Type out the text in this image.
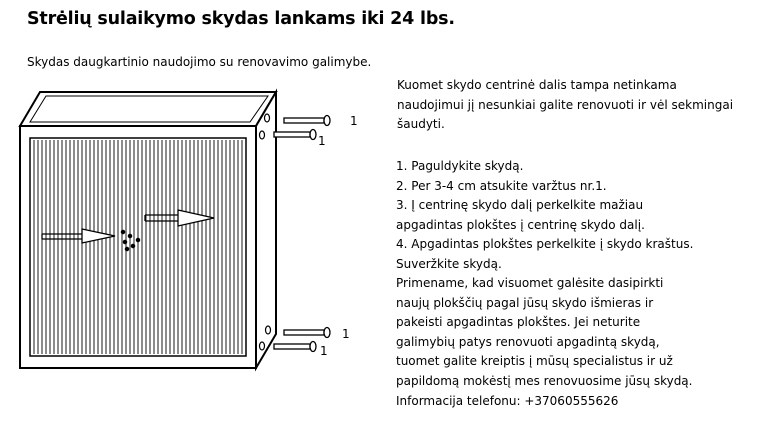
Strėlių sulaikymo skydas lankams iki 24 lbs.
Skydas daugkartinio naudojimo su renovavimo galimybe.
Kuomet skydo centrinė dalis tampa netinkama naudojimui jį nesunkiai galite renovuoti ir vėl sekmingai šaudyti.
1. Paguldykite skydą.
2. Per 3-4 cm atsukite varžtus nr.1.
3. Į centrinę skydo dalį perkelkite mažiau
apgadintas plokštes į centrinę skydo dalį.
4. Apgadintas plokštes perkelkite į skydo kraštus.
Suveržkite skydą.
Primename, kad visuomet galėsite dasipirkti
naujų plokščių pagal jūsų skydo išmieras ir
pakeisti apgadintas plokštes. Jei neturite
galimybių patys renovuoti apgadintą skydą,
tuomet galite kreiptis į mūsų specialistus ir už
papildomą mokėstį mes renovuosime jūsų skydą.
Informacija telefonu: +37060555626
1
1
1
1
